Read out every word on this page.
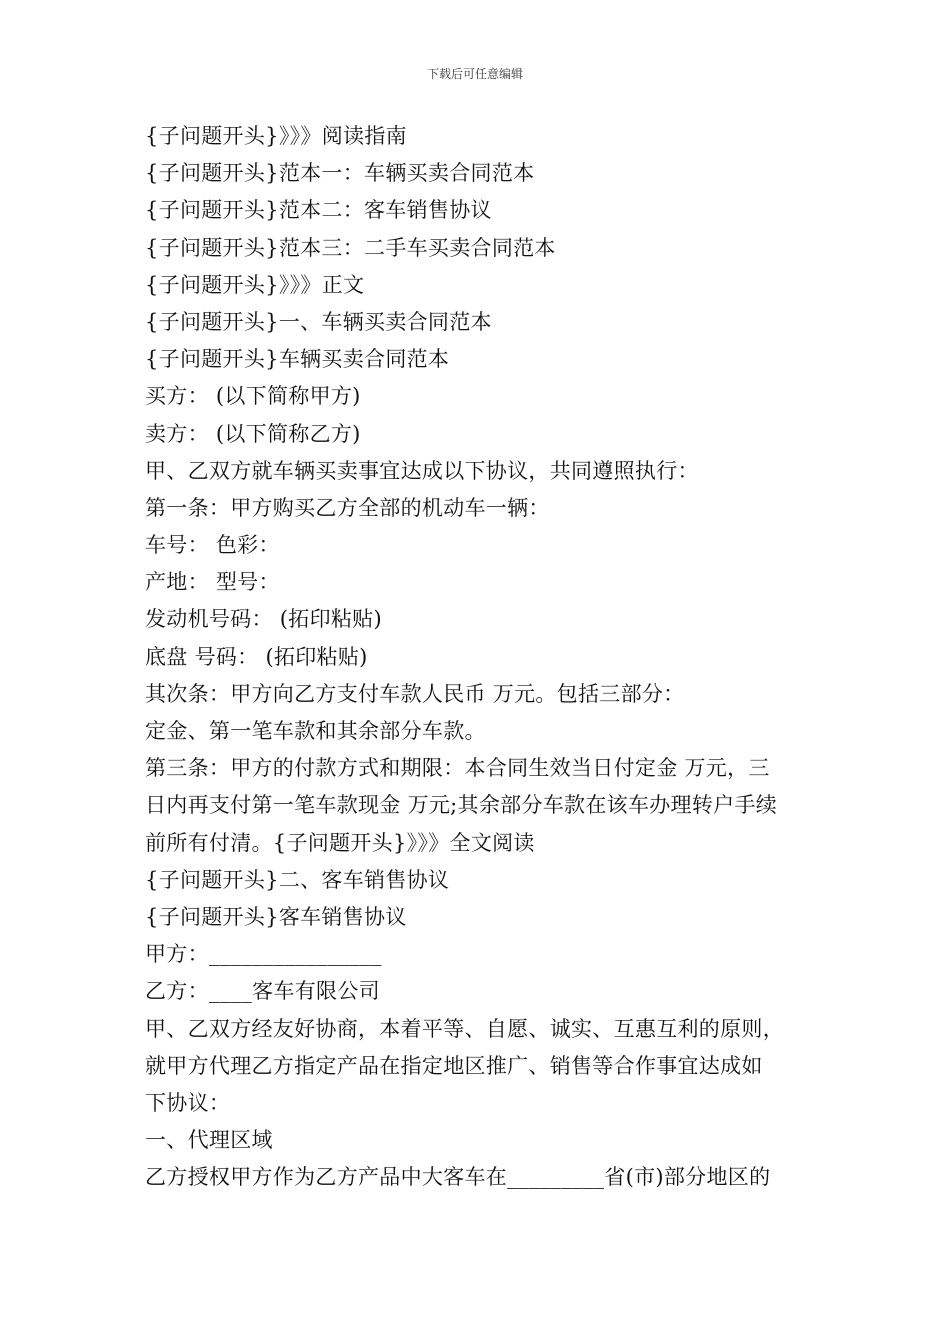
下载后可任意编辑
{子问题开头}》》》阅读指南
{子问题开头}范本一：车辆买卖合同范本
{子问题开头}范本二：客车销售协议
{子问题开头}范本三：二手车买卖合同范本
{子问题开头}》》》正文
{子问题开头}一、车辆买卖合同范本
{子问题开头}车辆买卖合同范本
买方： (以下简称甲方)
卖方： (以下简称乙方)
甲、乙双方就车辆买卖事宜达成以下协议，共同遵照执行：
第一条：甲方购买乙方全部的机动车一辆：
车号： 色彩：
产地： 型号：
发动机号码： (拓印粘贴)
底盘 号码： (拓印粘贴)
其次条：甲方向乙方支付车款人民币 万元。包括三部分：
定金、第一笔车款和其余部分车款。
第三条：甲方的付款方式和期限：本合同生效当日付定金 万元，三
日内再支付第一笔车款现金 万元;其余部分车款在该车办理转户手续
前所有付清。{子问题开头}》》》全文阅读
{子问题开头}二、客车销售协议
{子问题开头}客车销售协议
甲方：________________
乙方：____客车有限公司
甲、乙双方经友好协商，本着平等、自愿、诚实、互惠互利的原则，
就甲方代理乙方指定产品在指定地区推广、销售等合作事宜达成如
下协议：
一、代理区域
乙方授权甲方作为乙方产品中大客车在_________省(市)部分地区的
